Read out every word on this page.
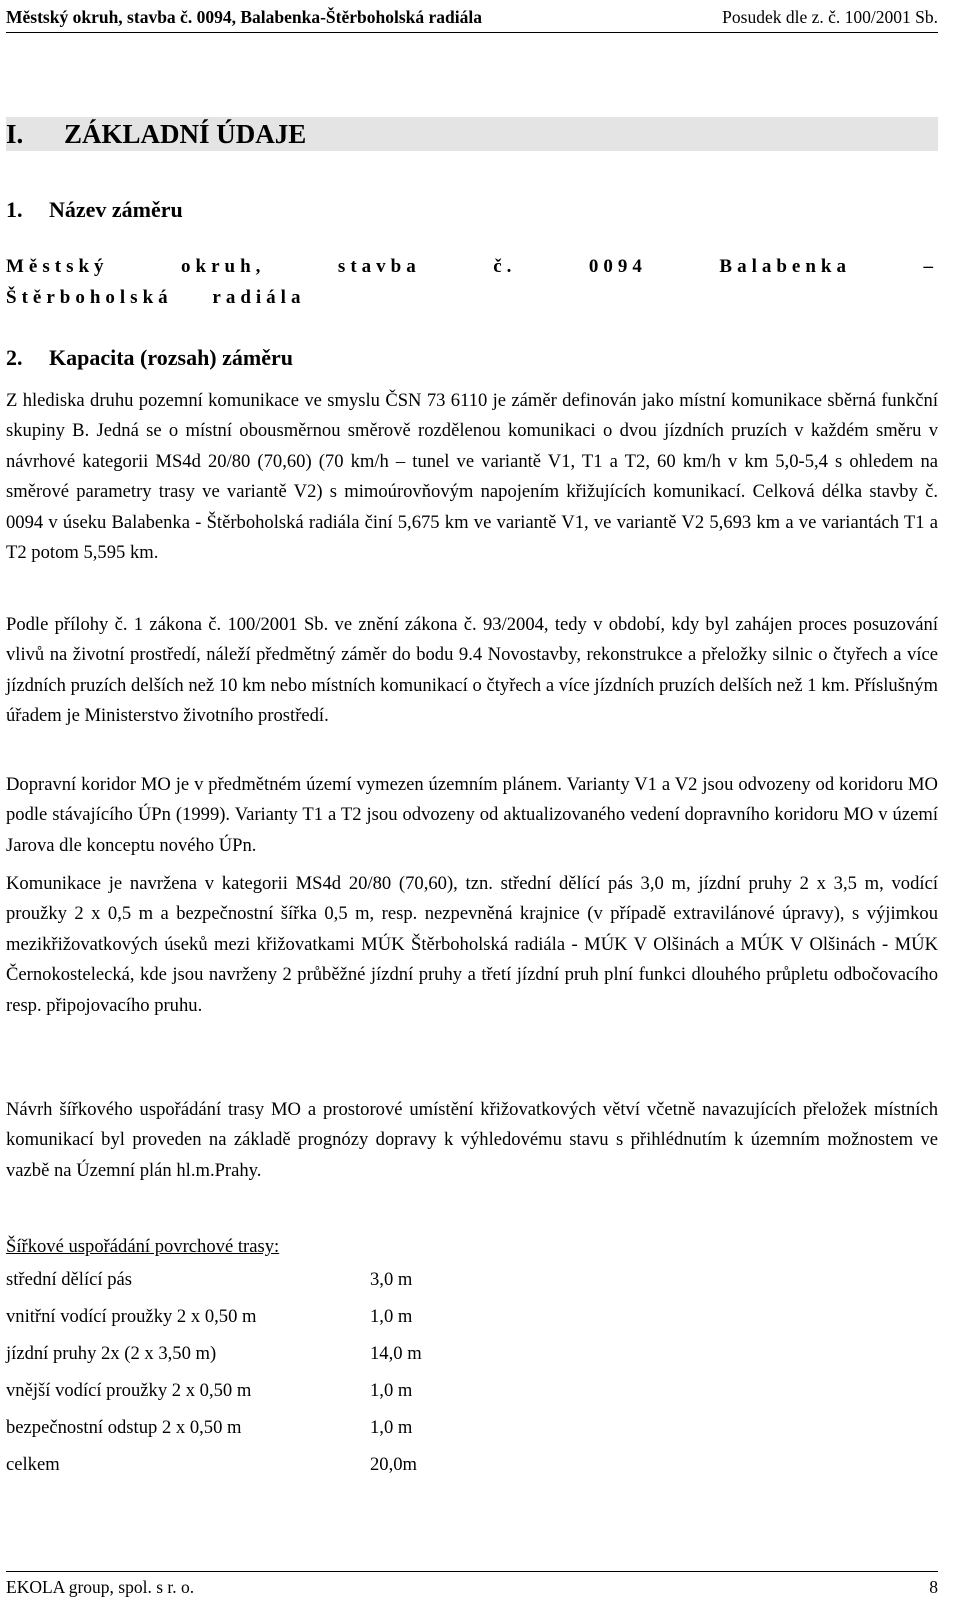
Městský okruh, stavba č. 0094, Balabenka-Štěrboholská radiála	Posudek dle z. č. 100/2001 Sb.
I. ZÁKLADNÍ ÚDAJE
1. Název záměru
Městský okruh, stavba č. 0094 Balabenka – Štěrboholská radiála
2. Kapacita (rozsah) záměru

Z hlediska druhu pozemní komunikace ve smyslu ČSN 73 6110 je záměr definován jako místní komunikace sběrná funkční skupiny B. Jedná se o místní obousměrnou směrově rozdělenou komunikaci o dvou jízdních pruzích v každém směru v návrhové kategorii MS4d 20/80 (70,60) (70 km/h – tunel ve variantě V1, T1 a T2, 60 km/h v km 5,0-5,4 s ohledem na směrové parametry trasy ve variantě V2) s mimoúrovňovým napojením křižujících komunikací. Celková délka stavby č. 0094 v úseku Balabenka - Štěrboholská radiála činí 5,675 km ve variantě V1, ve variantě V2 5,693 km a ve variantách T1 a T2 potom 5,595 km.

Podle přílohy č. 1 zákona č. 100/2001 Sb. ve znění zákona č. 93/2004, tedy v období, kdy byl zahájen proces posuzování vlivů na životní prostředí, náleží předmětný záměr do bodu 9.4 Novostavby, rekonstrukce a přeložky silnic o čtyřech a více jízdních pruzích delších než 10 km nebo místních komunikací o čtyřech a více jízdních pruzích delších než 1 km. Příslušným úřadem je Ministerstvo životního prostředí.

Dopravní koridor MO je v předmětném území vymezen územním plánem. Varianty V1 a V2 jsou odvozeny od koridoru MO podle stávajícího ÚPn (1999). Varianty T1 a T2 jsou odvozeny od aktualizovaného vedení dopravního koridoru MO v území Jarova dle konceptu nového ÚPn.

Komunikace je navržena v kategorii MS4d 20/80 (70,60), tzn. střední dělící pás 3,0 m, jízdní pruhy 2 x 3,5 m, vodící proužky 2 x 0,5 m a bezpečnostní šířka 0,5 m, resp. nezpevněná krajnice (v případě extravilánové úpravy), s výjimkou mezikřižovatkových úseků mezi křižovatkami MÚK Štěrboholská radiála - MÚK V Olšinách a MÚK V Olšinách - MÚK Černokostelecká, kde jsou navrženy 2 průběžné jízdní pruhy a třetí jízdní pruh plní funkci dlouhého průpletu odbočovacího resp. připojovacího pruhu.

Návrh šířkového uspořádání trasy MO a prostorové umístění křižovatkových větví včetně navazujících přeložek místních komunikací byl proveden na základě prognózy dopravy k výhledovému stavu s přihlédnutím k územním možnostem ve vazbě na Územní plán hl.m.Prahy.

Šířkové uspořádání povrchové trasy:

střední dělící pás	3,0 m
vnitřní vodící proužky 2 x 0,50 m	1,0 m
jízdní pruhy 2x (2 x 3,50 m)	14,0 m
vnější vodící proužky 2 x 0,50 m	1,0 m
bezpečnostní odstup 2 x 0,50 m	1,0 m
celkem	20,0m
EKOLA group, spol. s r. o.	8
